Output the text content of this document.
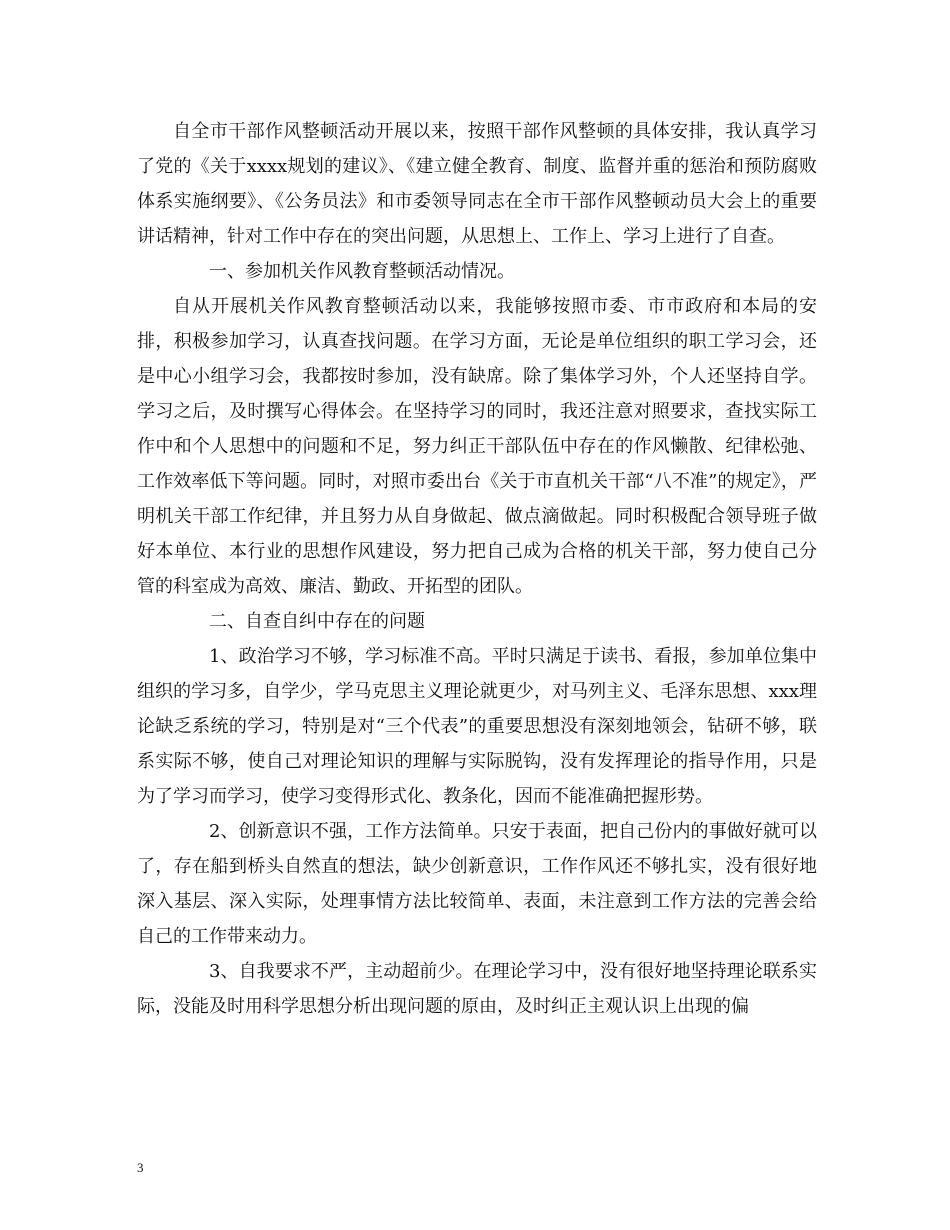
自全市干部作风整顿活动开展以来，按照干部作风整顿的具体安排，我认真学习了党的《关于xxxx规划的建议》、《建立健全教育、制度、监督并重的惩治和预防腐败体系实施纲要》、《公务员法》和市委领导同志在全市干部作风整顿动员大会上的重要讲话精神，针对工作中存在的突出问题，从思想上、工作上、学习上进行了自查。

一、参加机关作风教育整顿活动情况。

自从开展机关作风教育整顿活动以来，我能够按照市委、市市政府和本局的安排，积极参加学习，认真查找问题。在学习方面，无论是单位组织的职工学习会，还是中心小组学习会，我都按时参加，没有缺席。除了集体学习外，个人还坚持自学。学习之后，及时撰写心得体会。在坚持学习的同时，我还注意对照要求，查找实际工作中和个人思想中的问题和不足，努力纠正干部队伍中存在的作风懒散、纪律松弛、工作效率低下等问题。同时，对照市委出台《关于市直机关干部“八不准”的规定》，严明机关干部工作纪律，并且努力从自身做起、做点滴做起。同时积极配合领导班子做好本单位、本行业的思想作风建设，努力把自己成为合格的机关干部，努力使自己分管的科室成为高效、廉洁、勤政、开拓型的团队。

二、自查自纠中存在的问题

1、政治学习不够，学习标准不高。平时只满足于读书、看报，参加单位集中组织的学习多，自学少，学马克思主义理论就更少，对马列主义、毛泽东思想、xxx理论缺乏系统的学习，特别是对“三个代表”的重要思想没有深刻地领会，钻研不够，联系实际不够，使自己对理论知识的理解与实际脱钩，没有发挥理论的指导作用，只是为了学习而学习，使学习变得形式化、教条化，因而不能准确把握形势。

2、创新意识不强，工作方法简单。只安于表面，把自己份内的事做好就可以了，存在船到桥头自然直的想法，缺少创新意识，工作作风还不够扎实，没有很好地深入基层、深入实际，处理事情方法比较简单、表面，未注意到工作方法的完善会给自己的工作带来动力。

3、自我要求不严，主动超前少。在理论学习中，没有很好地坚持理论联系实际，没能及时用科学思想分析出现问题的原由，及时纠正主观认识上出现的偏

3
